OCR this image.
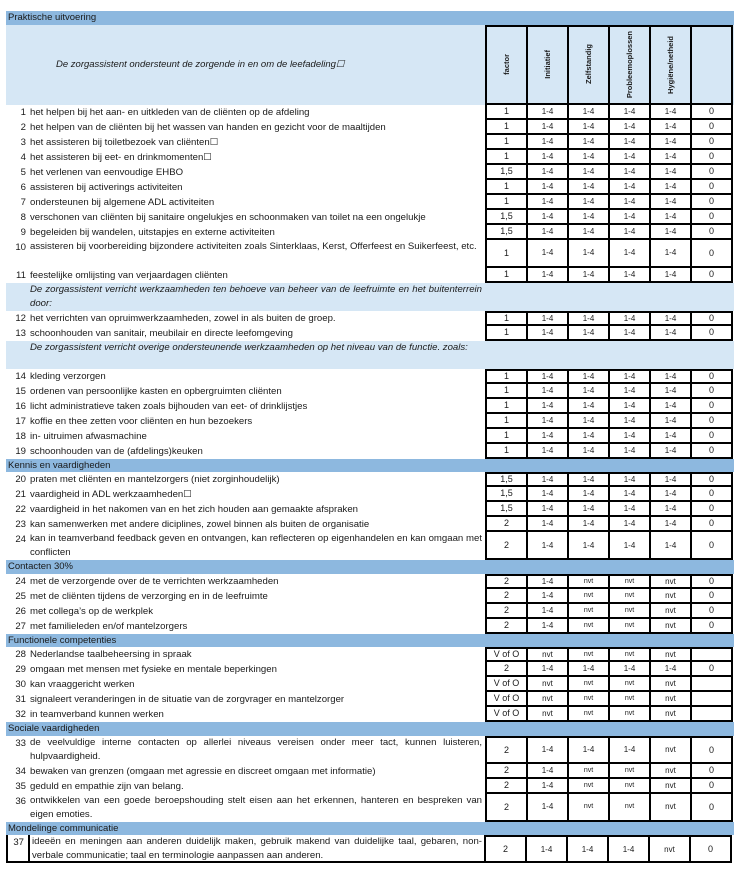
Praktische uitvoering
De zorgassistent ondersteunt de zorgende in en om de leefadeling☐	factor	Initiatief	Zelfstandig	Probleemoplossen	Hygiëne/netheid
1 het helpen bij het aan- en uitkleden van de cliënten op de afdeling	1	1-4	1-4	1-4	1-4	0
2 het helpen van de cliënten bij het wassen van handen en gezicht voor de maaltijden	1	1-4	1-4	1-4	1-4	0
3 het assisteren bij toiletbezoek van cliënten☐	1	1-4	1-4	1-4	1-4	0
4 het assisteren bij eet- en drinkmomenten☐	1	1-4	1-4	1-4	1-4	0
5 het verlenen van eenvoudige EHBO	1,5	1-4	1-4	1-4	1-4	0
6 assisteren bij activerings activiteiten	1	1-4	1-4	1-4	1-4	0
7 ondersteunen bij algemene ADL activiteiten	1	1-4	1-4	1-4	1-4	0
8 verschonen van cliënten bij sanitaire ongelukjes en schoonmaken van toilet na een ongelukje	1,5	1-4	1-4	1-4	1-4	0
9 begeleiden bij wandelen, uitstapjes en externe activiteiten	1,5	1-4	1-4	1-4	1-4	0
10 assisteren bij voorbereiding bijzondere activiteiten zoals Sinterklaas, Kerst, Offerfeest en Suikerfeest, etc.
1	1-4	1-4	1-4	1-4	0
11 feestelijke omlijsting van verjaardagen cliënten	1	1-4	1-4	1-4	1-4	0
De zorgassistent verricht werkzaamheden ten behoeve van beheer van de leefruimte en het buitenterrein door:
12 het verrichten van opruimwerkzaamheden, zowel in als buiten de groep.	1	1-4	1-4	1-4	1-4	0
13 schoonhouden van sanitair, meubilair en directe leefomgeving	1	1-4	1-4	1-4	1-4	0
De zorgassistent verricht overige ondersteunende werkzaamheden op het niveau van de functie. zoals:
14 kleding verzorgen	1	1-4	1-4	1-4	1-4	0
15 ordenen van persoonlijke kasten en opbergruimten cliënten	1	1-4	1-4	1-4	1-4	0
16 licht administratieve taken zoals bijhouden van eet- of drinklijstjes	1	1-4	1-4	1-4	1-4	0
17 koffie en thee zetten voor cliënten en hun bezoekers	1	1-4	1-4	1-4	1-4	0
18 in- uitruimen afwasmachine	1	1-4	1-4	1-4	1-4	0
19 schoonhouden van de (afdelings)keuken	1	1-4	1-4	1-4	1-4	0
Kennis en vaardigheden
20 praten met cliënten en mantelzorgers (niet zorginhoudelijk)	1,5	1-4	1-4	1-4	1-4	0
21 vaardigheid in ADL werkzaamheden☐	1,5	1-4	1-4	1-4	1-4	0
22 vaardigheid in het nakomen van en het zich houden aan gemaakte afspraken	1,5	1-4	1-4	1-4	1-4	0
23 kan samenwerken met andere diciplines, zowel binnen als buiten de organisatie	2	1-4	1-4	1-4	1-4	0
24 kan in teamverband feedback geven en ontvangen, kan reflecteren op eigenhandelen en kan omgaan met conflicten
2	1-4	1-4	1-4	1-4	0
Contacten 30%
24 met de verzorgende over de te verrichten werkzaamheden	2	1-4	nvt	nvt	nvt	0
25 met de cliënten tijdens de verzorging en in de leefruimte	2	1-4	nvt	nvt	nvt	0
26 met collega’s op de werkplek	2	1-4	nvt	nvt	nvt	0
27 met familieleden en/of mantelzorgers	2	1-4	nvt	nvt	nvt	0
Functionele competenties
28 Nederlandse taalbeheersing in spraak	V of O	nvt	nvt	nvt	nvt
29 omgaan met mensen met fysieke en mentale beperkingen	2	1-4	1-4	1-4	1-4	0
30 kan vraaggericht werken	V of O	nvt	nvt	nvt	nvt
31 signaleert veranderingen in de situatie van de zorgvrager en mantelzorger	V of O	nvt	nvt	nvt	nvt
32 in teamverband kunnen werken	V of O	nvt	nvt	nvt	nvt
Sociale vaardigheden
33 de veelvuldige interne contacten op allerlei niveaus vereisen onder meer tact, kunnen luisteren, hulpvaardigheid.
2	1-4	1-4	1-4	nvt	0
34 bewaken van grenzen (omgaan met agressie en discreet omgaan met informatie)	2	1-4	nvt	nvt	nvt	0
35 geduld en empathie zijn van belang.	2	1-4	nvt	nvt	nvt	0
36 ontwikkelen van een goede beroepshouding stelt eisen aan het erkennen, hanteren en bespreken van eigen emoties.
2	1-4	nvt	nvt	nvt	0
Mondelinge communicatie
37 ideeën en meningen aan anderen duidelijk maken, gebruik makend van duidelijke taal, gebaren, non-verbale communicatie; taal en terminologie aanpassen aan anderen.
2	1-4	1-4	1-4	nvt	0
